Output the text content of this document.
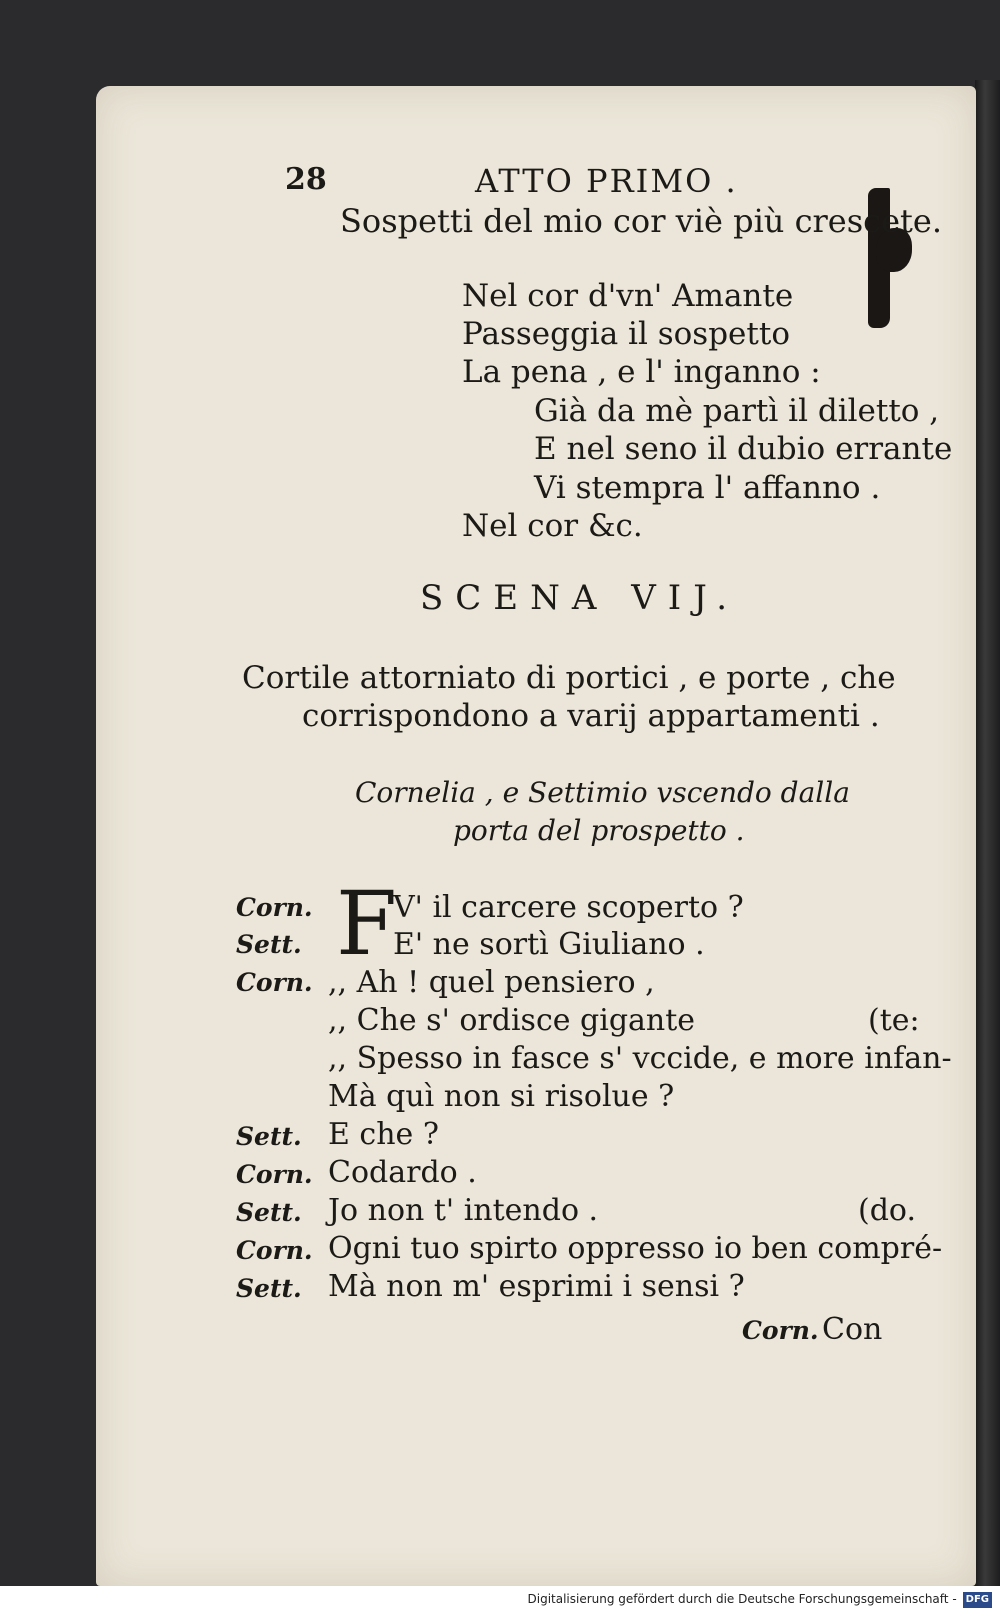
28	ATTO PRIMO .
Sospetti del mio cor viè più crescete.
Nel cor d'vn' Amante
Passeggia il sospetto
La pena , e l' inganno :
Già da mè partì il diletto ,
E nel seno il dubio errante
Vi stempra l' affanno .
Nel cor &c.
SCENA VIJ.
Cortile attorniato di portici , e porte , che
corrispondono a varij appartamenti .
Cornelia , e Settimio vscendo dalla
porta del prospetto .
F
Corn.	V' il carcere scoperto ?
Sett.	E' ne sortì Giuliano .
Corn. ,, Ah ! quel pensiero ,
,, Che s' ordisce gigante	(te:
,, Spesso in fasce s' vccide, e more infan-
Mà quì non si risolue ?
Sett. E che ?
Corn. Codardo .
Sett. Jo non t' intendo .	(do.
Corn. Ogni tuo spirto oppresso io ben compré-
Sett. Mà non m' esprimi i sensi ?
Corn. Con
Digitalisierung gefördert durch die Deutsche Forschungsgemeinschaft - DFG
